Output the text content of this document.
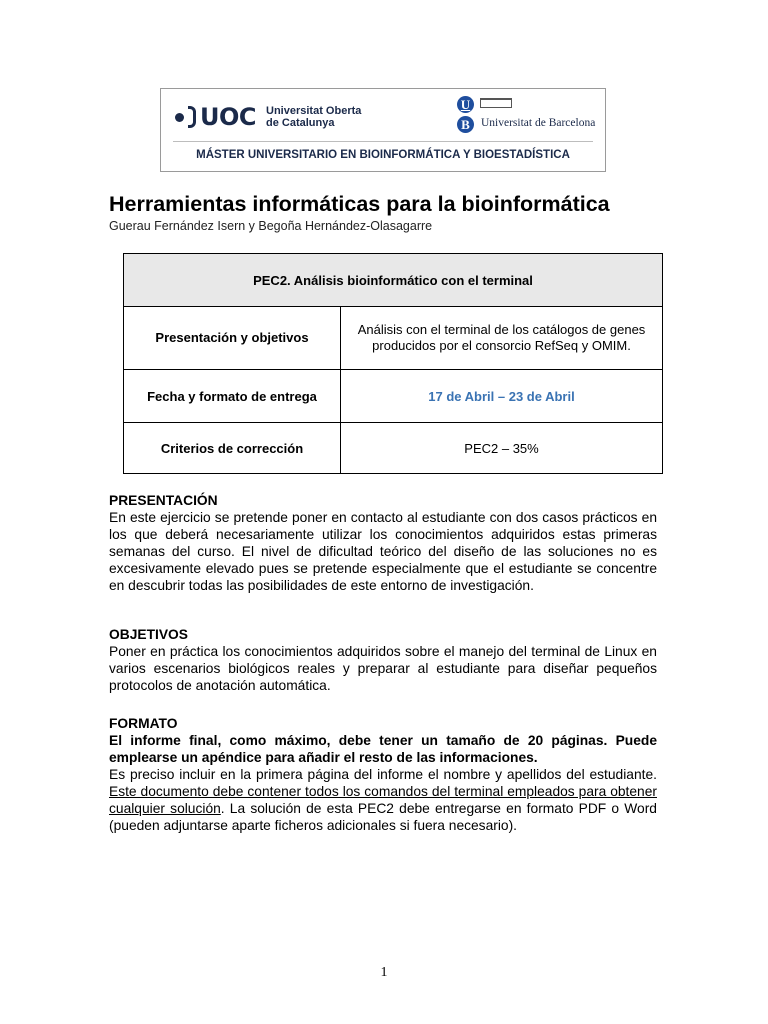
UOC Universitat Oberta
de Catalunya
U
B Universitat de Barcelona
MÁSTER UNIVERSITARIO EN BIOINFORMÁTICA Y BIOESTADÍSTICA
Herramientas informáticas para la bioinformática
Guerau Fernández Isern y Begoña Hernández-Olasagarre
PEC2. Análisis bioinformático con el terminal	
Presentación y objetivos	Análisis con el terminal de los catálogos de genes producidos por el consorcio RefSeq y OMIM.
Fecha y formato de entrega	17 de Abril – 23 de Abril
Criterios de corrección	PEC2 – 35%
PRESENTACIÓN
En este ejercicio se pretende poner en contacto al estudiante con dos casos prácticos en los que deberá necesariamente utilizar los conocimientos adquiridos estas primeras semanas del curso. El nivel de dificultad teórico del diseño de las soluciones no es excesivamente elevado pues se pretende especialmente que el estudiante se concentre en descubrir todas las posibilidades de este entorno de investigación.
OBJETIVOS
Poner en práctica los conocimientos adquiridos sobre el manejo del terminal de Linux en varios escenarios biológicos reales y preparar al estudiante para diseñar pequeños protocolos de anotación automática.
FORMATO
El informe final, como máximo, debe tener un tamaño de 20 páginas. Puede emplearse un apéndice para añadir el resto de las informaciones.
Es preciso incluir en la primera página del informe el nombre y apellidos del estudiante. Este documento debe contener todos los comandos del terminal empleados para obtener cualquier solución. La solución de esta PEC2 debe entregarse en formato PDF o Word (pueden adjuntarse aparte ficheros adicionales si fuera necesario).
1
